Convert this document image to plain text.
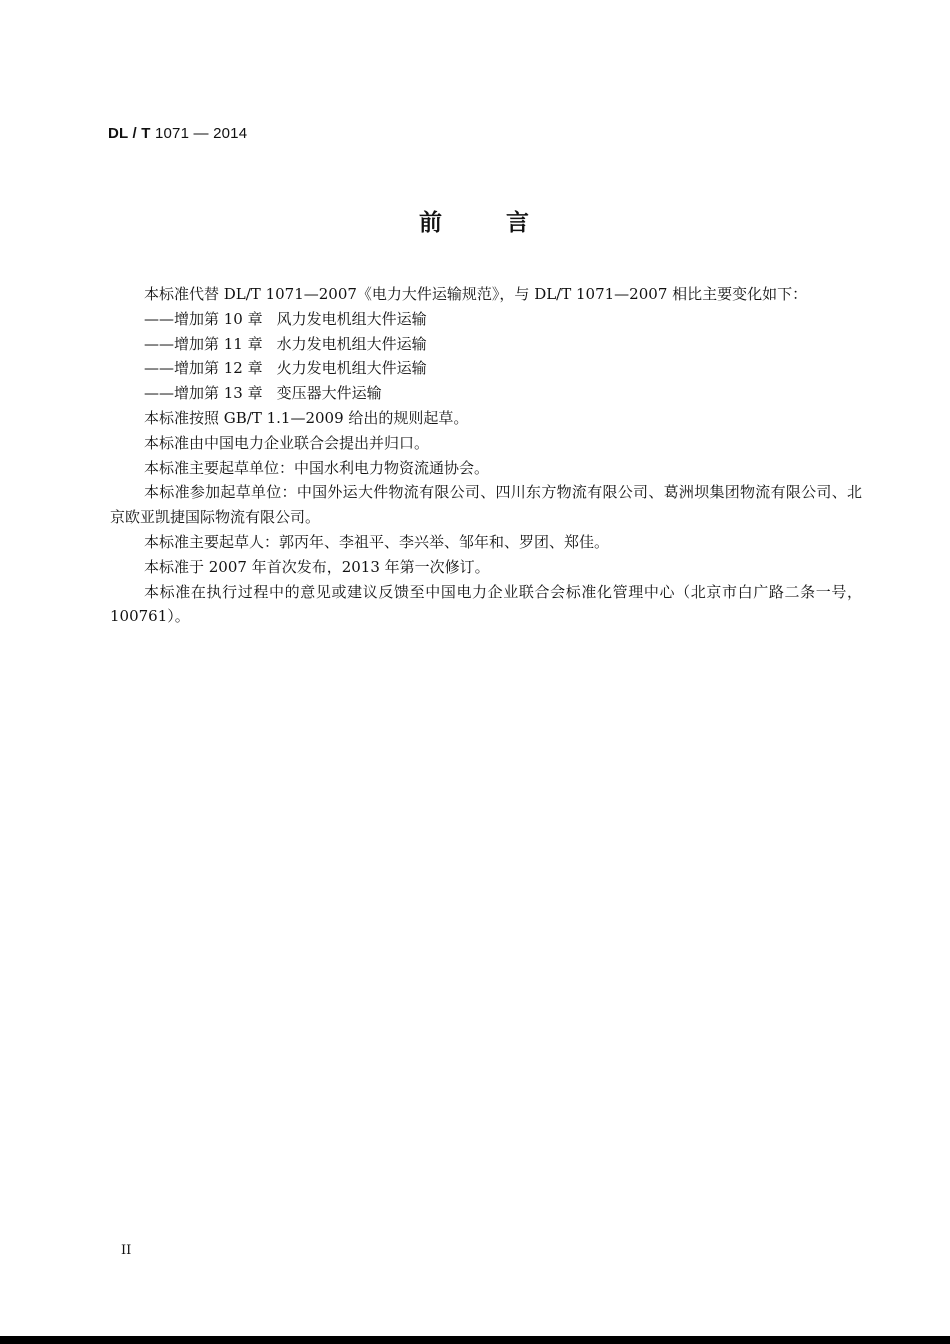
DL / T 1071 — 2014
前	言

本标准代替 DL/T 1071—2007《电力大件运输规范》，与 DL/T 1071—2007 相比主要变化如下：

——增加第 10 章 风力发电机组大件运输

——增加第 11 章 水力发电机组大件运输

——增加第 12 章 火力发电机组大件运输

——增加第 13 章 变压器大件运输

本标准按照 GB/T 1.1—2009 给出的规则起草。

本标准由中国电力企业联合会提出并归口。

本标准主要起草单位：中国水利电力物资流通协会。

本标准参加起草单位：中国外运大件物流有限公司、四川东方物流有限公司、葛洲坝集团物流有限公司、北京欧亚凯捷国际物流有限公司。

本标准主要起草人：郭丙年、李祖平、李兴举、邹年和、罗团、郑佳。

本标准于 2007 年首次发布，2013 年第一次修订。

本标准在执行过程中的意见或建议反馈至中国电力企业联合会标准化管理中心（北京市白广路二条一号，100761）。

II
